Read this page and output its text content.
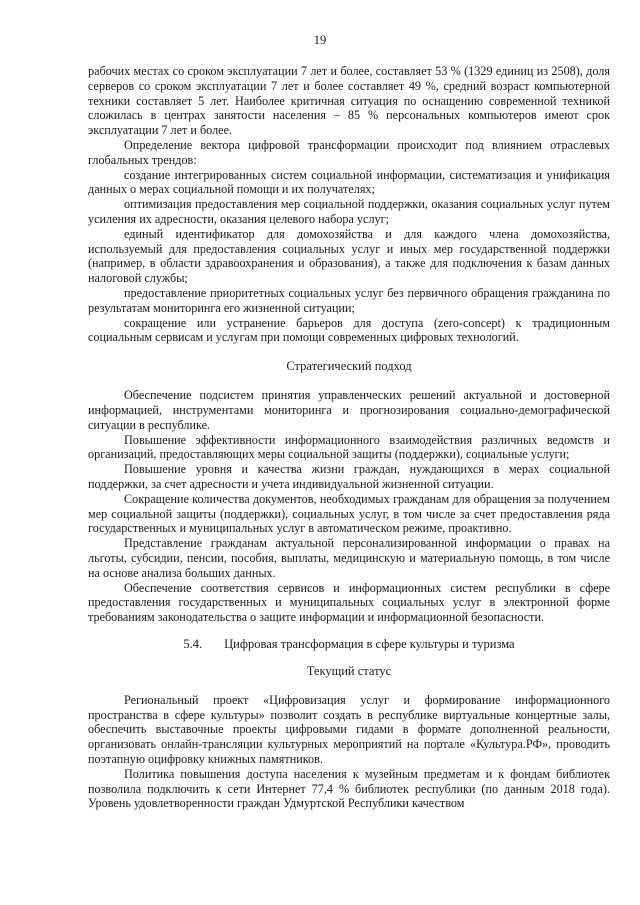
19

рабочих местах со сроком эксплуатации 7 лет и более, составляет 53 % (1329 единиц из 2508), доля серверов со сроком эксплуатации 7 лет и более составляет 49 %, средний возраст компьютерной техники составляет 5 лет. Наиболее критичная ситуация по оснащению современной техникой сложилась в центрах занятости населения – 85 % персональных компьютеров имеют срок эксплуатации 7 лет и более.

Определение вектора цифровой трансформации происходит под влиянием отраслевых глобальных трендов:

создание интегрированных систем социальной информации, систематизация и унификация данных о мерах социальной помощи и их получателях;

оптимизация предоставления мер социальной поддержки, оказания социальных услуг путем усиления их адресности, оказания целевого набора услуг;

единый идентификатор для домохозяйства и для каждого члена домохозяйства, используемый для предоставления социальных услуг и иных мер государственной поддержки (например, в области здравоохранения и образования), а также для подключения к базам данных налоговой службы;

предоставление приоритетных социальных услуг без первичного обращения гражданина по результатам мониторинга его жизненной ситуации;

сокращение или устранение барьеров для доступа (zero-concept) к традиционным социальным сервисам и услугам при помощи современных цифровых технологий.

Стратегический подход

Обеспечение подсистем принятия управленческих решений актуальной и достоверной информацией, инструментами мониторинга и прогнозирования социально-демографической ситуации в республике.

Повышение эффективности информационного взаимодействия различных ведомств и организаций, предоставляющих меры социальной защиты (поддержки), социальные услуги;

Повышение уровня и качества жизни граждан, нуждающихся в мерах социальной поддержки, за счет адресности и учета индивидуальной жизненной ситуации.

Сокращение количества документов, необходимых гражданам для обращения за получением мер социальной защиты (поддержки), социальных услуг, в том числе за счет предоставления ряда государственных и муниципальных услуг в автоматическом режиме, проактивно.

Представление гражданам актуальной персонализированной информации о правах на льготы, субсидии, пенсии, пособия, выплаты, медицинскую и материальную помощь, в том числе на основе анализа больших данных.

Обеспечение соответствия сервисов и информационных систем республики в сфере предоставления государственных и муниципальных социальных услуг в электронной форме требованиям законодательства о защите информации и информационной безопасности.

5.4. Цифровая трансформация в сфере культуры и туризма
Текущий статус

Региональный проект «Цифровизация услуг и формирование информационного пространства в сфере культуры» позволит создать в республике виртуальные концертные залы, обеспечить выставочные проекты цифровыми гидами в формате дополненной реальности, организовать онлайн-трансляции культурных мероприятий на портале «Культура.РФ», проводить поэтапную оцифровку книжных памятников.

Политика повышения доступа населения к музейным предметам и к фондам библиотек позволила подключить к сети Интернет 77,4 % библиотек республики (по данным 2018 года). Уровень удовлетворенности граждан Удмуртской Республики качеством
